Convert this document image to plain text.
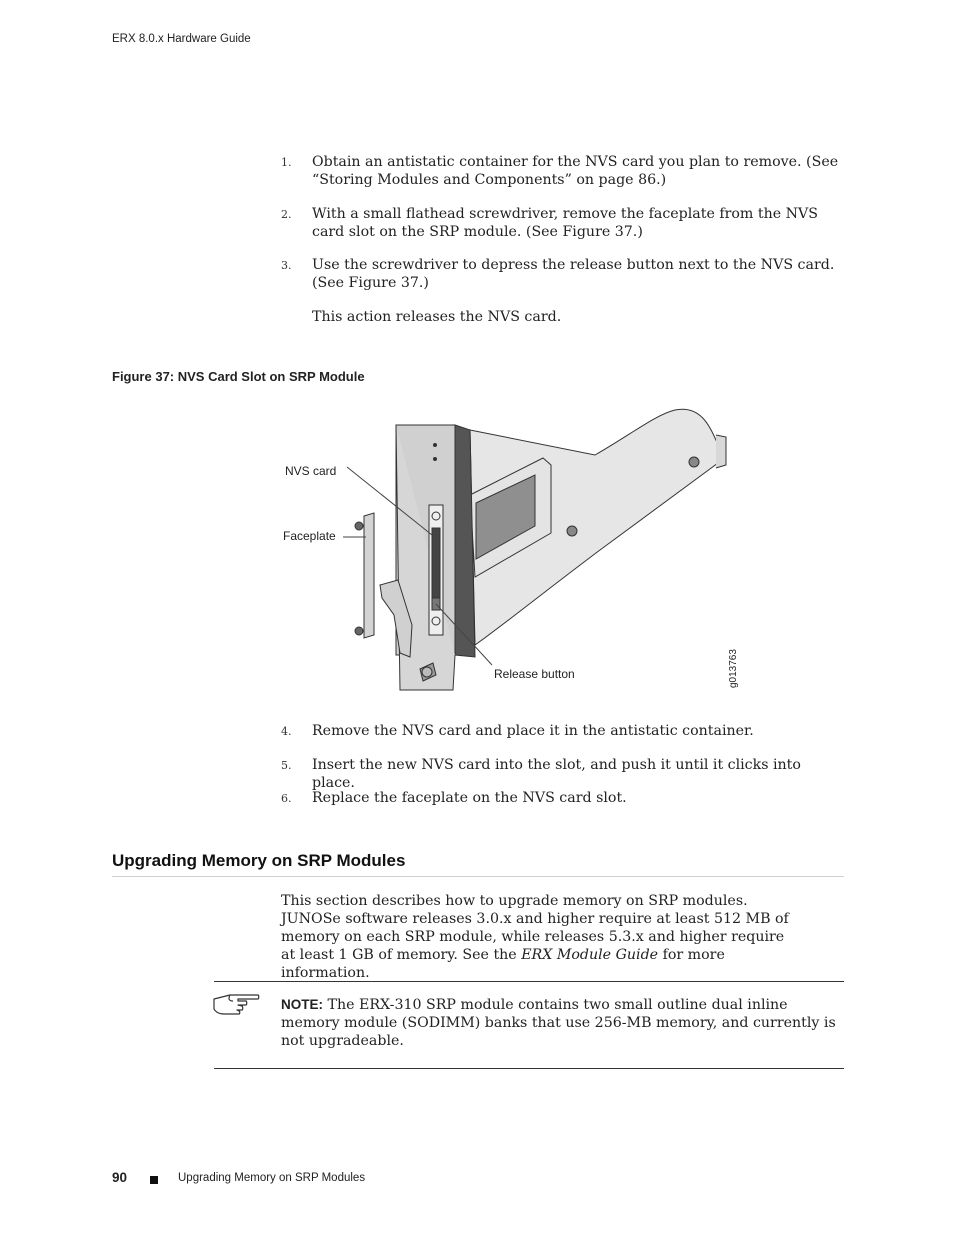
ERX 8.0.x Hardware Guide
1. Obtain an antistatic container for the NVS card you plan to remove. (See “Storing Modules and Components” on page 86.)
2. With a small flathead screwdriver, remove the faceplate from the NVS card slot on the SRP module. (See Figure 37.)
3. Use the screwdriver to depress the release button next to the NVS card. (See Figure 37.)
This action releases the NVS card.
Figure 37: NVS Card Slot on SRP Module
NVS card
Faceplate
Release button	g013763
4. Remove the NVS card and place it in the antistatic container.
5. Insert the new NVS card into the slot, and push it until it clicks into place.
6. Replace the faceplate on the NVS card slot.
Upgrading Memory on SRP Modules
This section describes how to upgrade memory on SRP modules. JUNOSe software releases 3.0.x and higher require at least 512 MB of memory on each SRP module, while releases 5.3.x and higher require at least 1 GB of memory. See the ERX Module Guide for more information.
NOTE: The ERX-310 SRP module contains two small outline dual inline memory module (SODIMM) banks that use 256-MB memory, and currently is not upgradeable.
90	Upgrading Memory on SRP Modules
